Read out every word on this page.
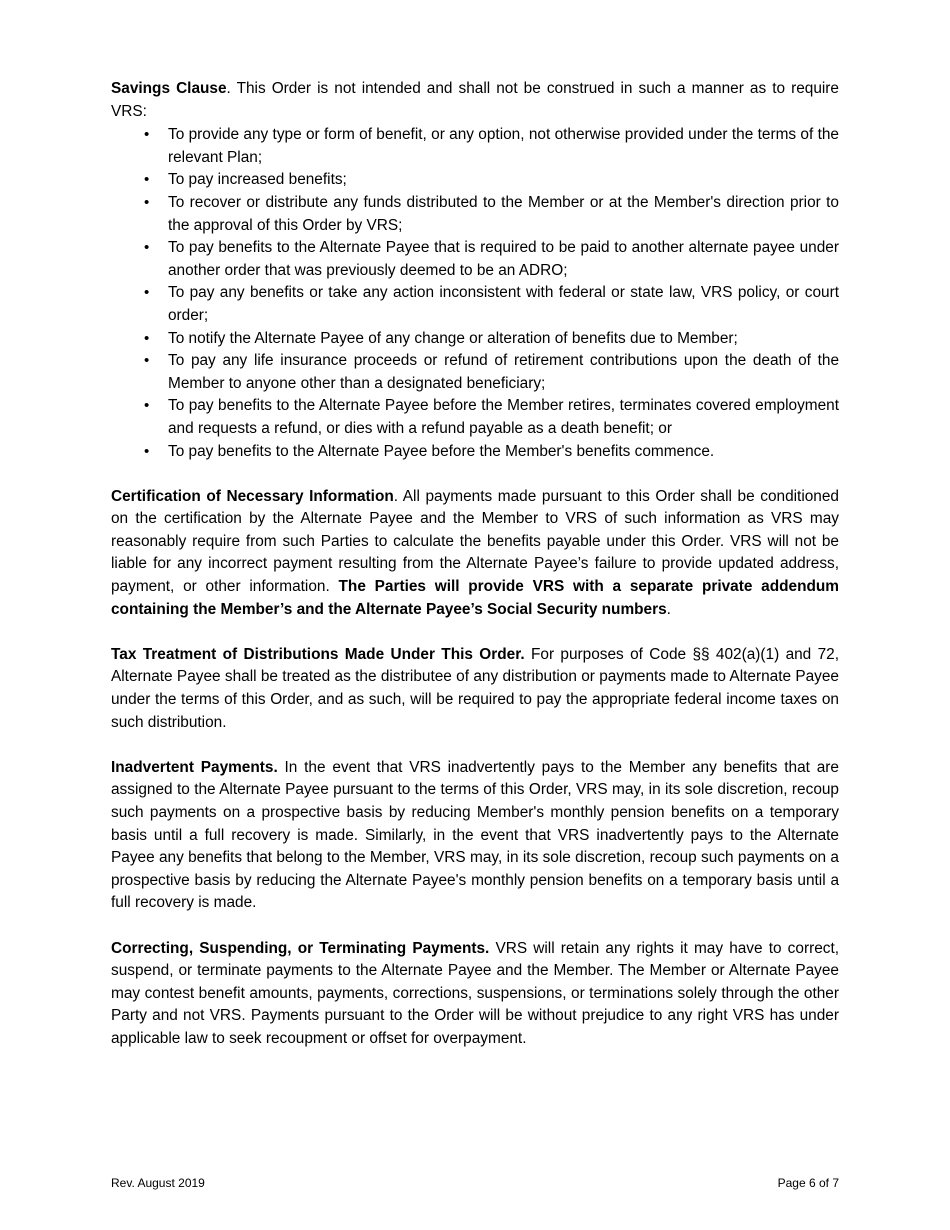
Savings Clause. This Order is not intended and shall not be construed in such a manner as to require VRS:

• To provide any type or form of benefit, or any option, not otherwise provided under the terms of the relevant Plan;
• To pay increased benefits;
• To recover or distribute any funds distributed to the Member or at the Member's direction prior to the approval of this Order by VRS;
• To pay benefits to the Alternate Payee that is required to be paid to another alternate payee under another order that was previously deemed to be an ADRO;
• To pay any benefits or take any action inconsistent with federal or state law, VRS policy, or court order;
• To notify the Alternate Payee of any change or alteration of benefits due to Member;
• To pay any life insurance proceeds or refund of retirement contributions upon the death of the Member to anyone other than a designated beneficiary;
• To pay benefits to the Alternate Payee before the Member retires, terminates covered employment and requests a refund, or dies with a refund payable as a death benefit; or
• To pay benefits to the Alternate Payee before the Member's benefits commence.

Certification of Necessary Information. All payments made pursuant to this Order shall be conditioned on the certification by the Alternate Payee and the Member to VRS of such information as VRS may reasonably require from such Parties to calculate the benefits payable under this Order. VRS will not be liable for any incorrect payment resulting from the Alternate Payee’s failure to provide updated address, payment, or other information. The Parties will provide VRS with a separate private addendum containing the Member’s and the Alternate Payee’s Social Security numbers.

Tax Treatment of Distributions Made Under This Order. For purposes of Code §§ 402(a)(1) and 72, Alternate Payee shall be treated as the distributee of any distribution or payments made to Alternate Payee under the terms of this Order, and as such, will be required to pay the appropriate federal income taxes on such distribution.

Inadvertent Payments. In the event that VRS inadvertently pays to the Member any benefits that are assigned to the Alternate Payee pursuant to the terms of this Order, VRS may, in its sole discretion, recoup such payments on a prospective basis by reducing Member's monthly pension benefits on a temporary basis until a full recovery is made. Similarly, in the event that VRS inadvertently pays to the Alternate Payee any benefits that belong to the Member, VRS may, in its sole discretion, recoup such payments on a prospective basis by reducing the Alternate Payee's monthly pension benefits on a temporary basis until a full recovery is made.

Correcting, Suspending, or Terminating Payments. VRS will retain any rights it may have to correct, suspend, or terminate payments to the Alternate Payee and the Member. The Member or Alternate Payee may contest benefit amounts, payments, corrections, suspensions, or terminations solely through the other Party and not VRS. Payments pursuant to the Order will be without prejudice to any right VRS has under applicable law to seek recoupment or offset for overpayment.

Rev. August 2019	Page 6 of 7
